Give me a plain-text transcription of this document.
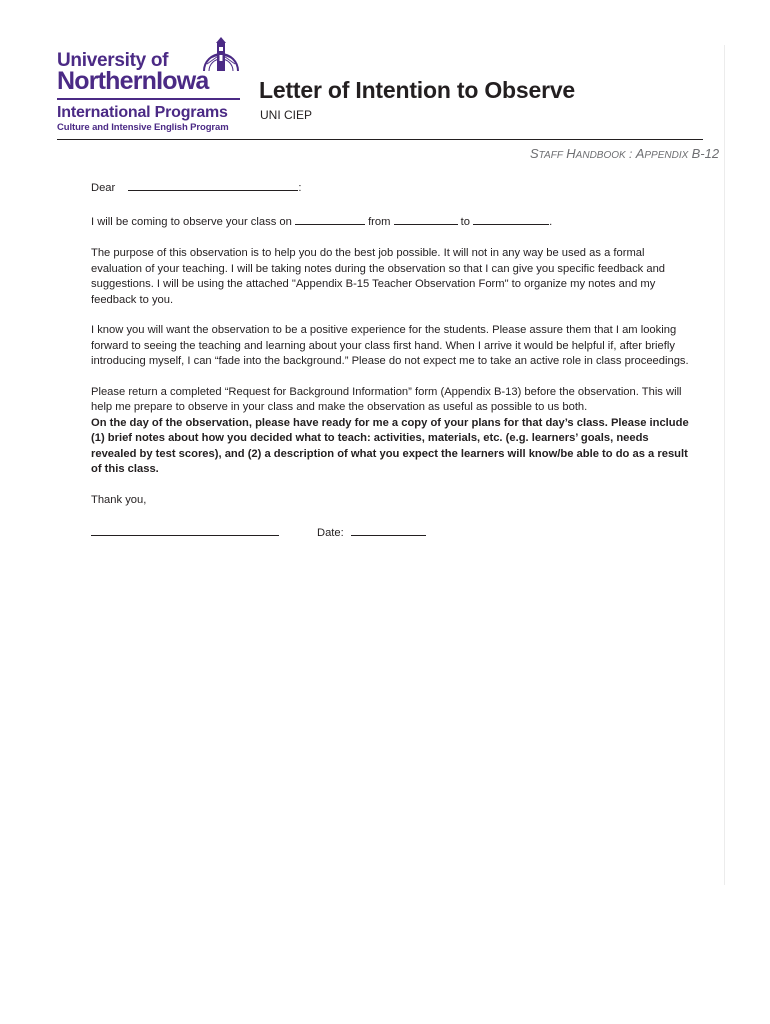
University of
NorthernIowa
International Programs
Culture and Intensive English Program
Letter of Intention to Observe
UNI CIEP
STAFF HANDBOOK : APPENDIX B-12

Dear	:

I will be coming to observe your class on	from	to	.

The purpose of this observation is to help you do the best job possible. It will not in any way be used as a formal evaluation of your teaching. I will be taking notes during the observation so that I can give you specific feedback and suggestions. I will be using the attached "Appendix B-15 Teacher Observation Form" to organize my notes and my feedback to you.

I know you will want the observation to be a positive experience for the students. Please assure them that I am looking forward to seeing the teaching and learning about your class first hand. When I arrive it would be helpful if, after briefly introducing myself, I can “fade into the background.” Please do not expect me to take an active role in class proceedings.

Please return a completed “Request for Background Information” form (Appendix B-13) before the observation. This will help me prepare to observe in your class and make the observation as useful as possible to us both.

On the day of the observation, please have ready for me a copy of your plans for that day’s class. Please include (1) brief notes about how you decided what to teach: activities, materials, etc. (e.g. learners’ goals, needs revealed by test scores), and (2) a description of what you expect the learners will know/be able to do as a result of this class.

Thank you,

Date:
